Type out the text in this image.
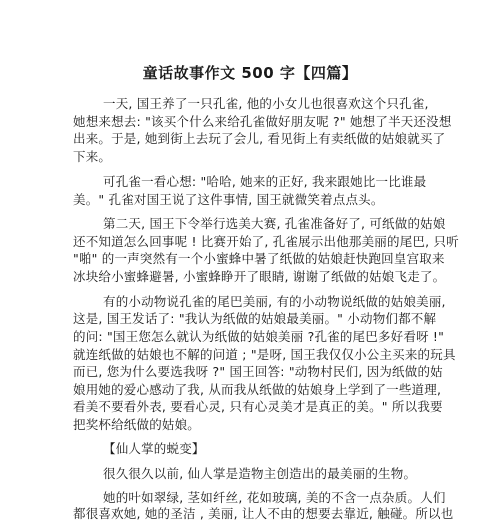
童话故事作文 500 字【四篇】
一天, 国王养了一只孔雀, 他的小女儿也很喜欢这个只孔雀,
她想来想去: "该买个什么来给孔雀做好朋友呢 ?" 她想了半天还没想
出来。于是, 她到街上去玩了会儿, 看见街上有卖纸做的姑娘就买了
下来。
可孔雀一看心想: "哈哈, 她来的正好, 我来跟她比一比谁最
美。" 孔雀对国王说了这件事情, 国王就微笑着点点头。
第二天, 国王下令举行选美大赛, 孔雀准备好了, 可纸做的姑娘
还不知道怎么回事呢 ! 比赛开始了, 孔雀展示出他那美丽的尾巴, 只听
"啪" 的一声突然有一个小蜜蜂中暑了纸做的姑娘赶快跑回皇宫取来
冰块给小蜜蜂避暑, 小蜜蜂睁开了眼睛, 谢谢了纸做的姑娘飞走了。
有的小动物说孔雀的尾巴美丽, 有的小动物说纸做的姑娘美丽,
这是, 国王发话了: "我认为纸做的姑娘最美丽。" 小动物们都不解
的问: "国王您怎么就认为纸做的姑娘美丽 ?孔雀的尾巴多好看呀 !"
就连纸做的姑娘也不解的问道 ; "是呀, 国王我仅仅小公主买来的玩具
而已, 您为什么要选我呀 ?" 国王回答: "动物村民们, 因为纸做的姑
娘用她的爱心感动了我, 从而我从纸做的姑娘身上学到了一些道理,
看美不要看外表, 要看心灵, 只有心灵美才是真正的美。" 所以我要
把奖杯给纸做的姑娘。
【仙人掌的蜕变】
很久很久以前, 仙人掌是造物主创造出的最美丽的生物。
她的叶如翠绿, 茎如纤丝, 花如玻璃, 美的不含一点杂质。人们
都很喜欢她, 她的圣洁 , 美丽, 让人不由的想要去靠近, 触碰。所以也
